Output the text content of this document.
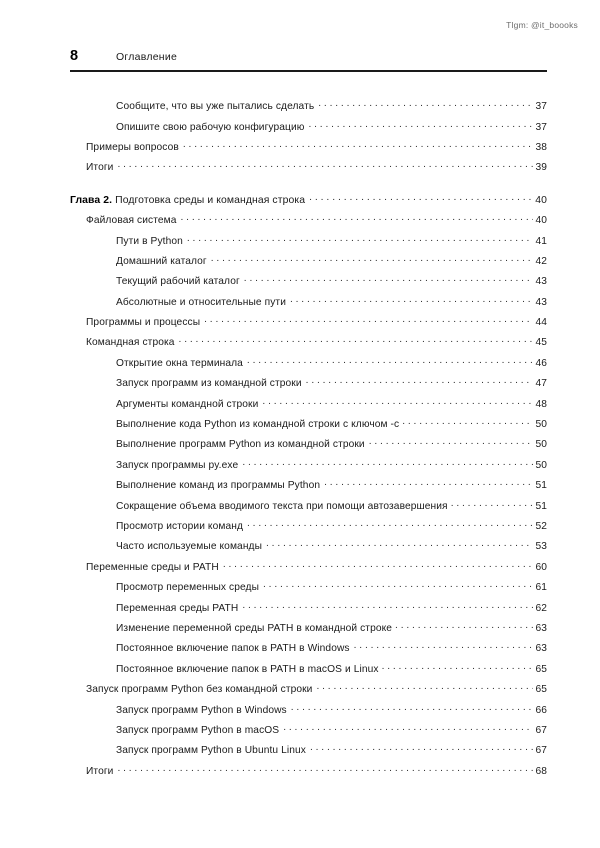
Tlgm: @it_boooks
8	Оглавление
Сообщите, что вы уже пытались сделать . . .	37
Опишите свою рабочую конфигурацию . . .	37
Примеры вопросов . . .	38
Итоги . . .	39
Глава 2. Подготовка среды и командная строка . . .	40
Файловая система . . .	40
Пути в Python . . .	41
Домашний каталог . . .	42
Текущий рабочий каталог . . .	43
Абсолютные и относительные пути . . .	43
Программы и процессы . . .	44
Командная строка . . .	45
Открытие окна терминала . . .	46
Запуск программ из командной строки . . .	47
Аргументы командной строки . . .	48
Выполнение кода Python из командной строки с ключом -c . . .	50
Выполнение программ Python из командной строки . . .	50
Запуск программы py.exe . . .	50
Выполнение команд из программы Python . . .	51
Сокращение объема вводимого текста при помощи автозавершения . . .	51
Просмотр истории команд . . .	52
Часто используемые команды . . .	53
Переменные среды и PATH . . .	60
Просмотр переменных среды . . .	61
Переменная среды PATH . . .	62
Изменение переменной среды PATH в командной строке . . .	63
Постоянное включение папок в PATH в Windows . . .	63
Постоянное включение папок в PATH в macOS и Linux . . .	65
Запуск программ Python без командной строки . . .	65
Запуск программ Python в Windows . . .	66
Запуск программ Python в macOS . . .	67
Запуск программ Python в Ubuntu Linux . . .	67
Итоги . . .	68
